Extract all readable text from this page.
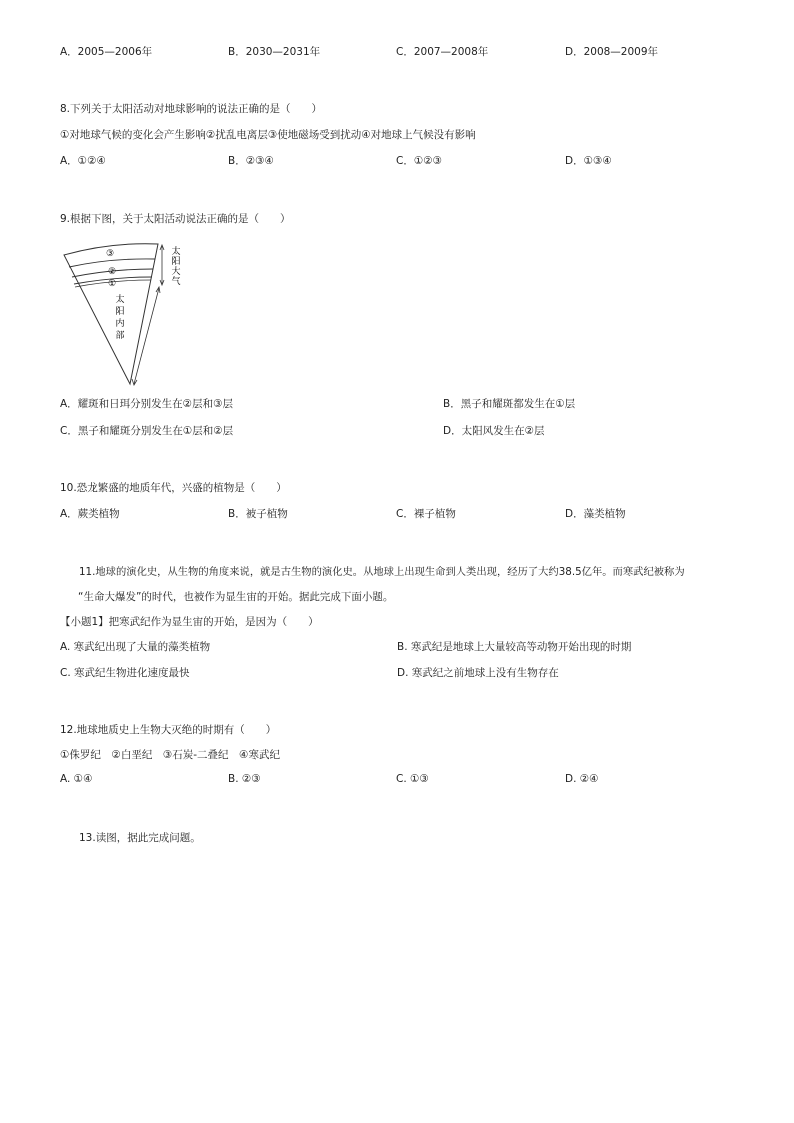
A．2005—2006年	B．2030—2031年	C．2007—2008年	D．2008—2009年
8.下列关于太阳活动对地球影响的说法正确的是（　　）
①对地球气候的变化会产生影响②扰乱电离层③使地磁场受到扰动④对地球上气候没有影响
A．①②④	B．②③④	C．①②③	D．①③④
9.根据下图，关于太阳活动说法正确的是（　　）
③
②
①
太
阳
内
部
太
阳
大
气
A．耀斑和日珥分别发生在②层和③层	B．黑子和耀斑都发生在①层
C．黑子和耀斑分别发生在①层和②层	D．太阳风发生在②层
10.恐龙繁盛的地质年代，兴盛的植物是（　　）
A．蕨类植物	B．被子植物	C．裸子植物	D．藻类植物
11.地球的演化史，从生物的角度来说，就是古生物的演化史。从地球上出现生命到人类出现，经历了大约38.5亿年。而寒武纪被称为
“生命大爆发”的时代，也被作为显生宙的开始。据此完成下面小题。
【小题1】把寒武纪作为显生宙的开始，是因为（　　）
A. 寒武纪出现了大量的藻类植物	B. 寒武纪是地球上大量较高等动物开始出现的时期
C. 寒武纪生物进化速度最快	D. 寒武纪之前地球上没有生物存在
12.地球地质史上生物大灭绝的时期有（　　）
①侏罗纪　②白垩纪　③石炭-二叠纪　④寒武纪
A. ①④	B. ②③	C. ①③	D. ②④
13.读图，据此完成问题。
